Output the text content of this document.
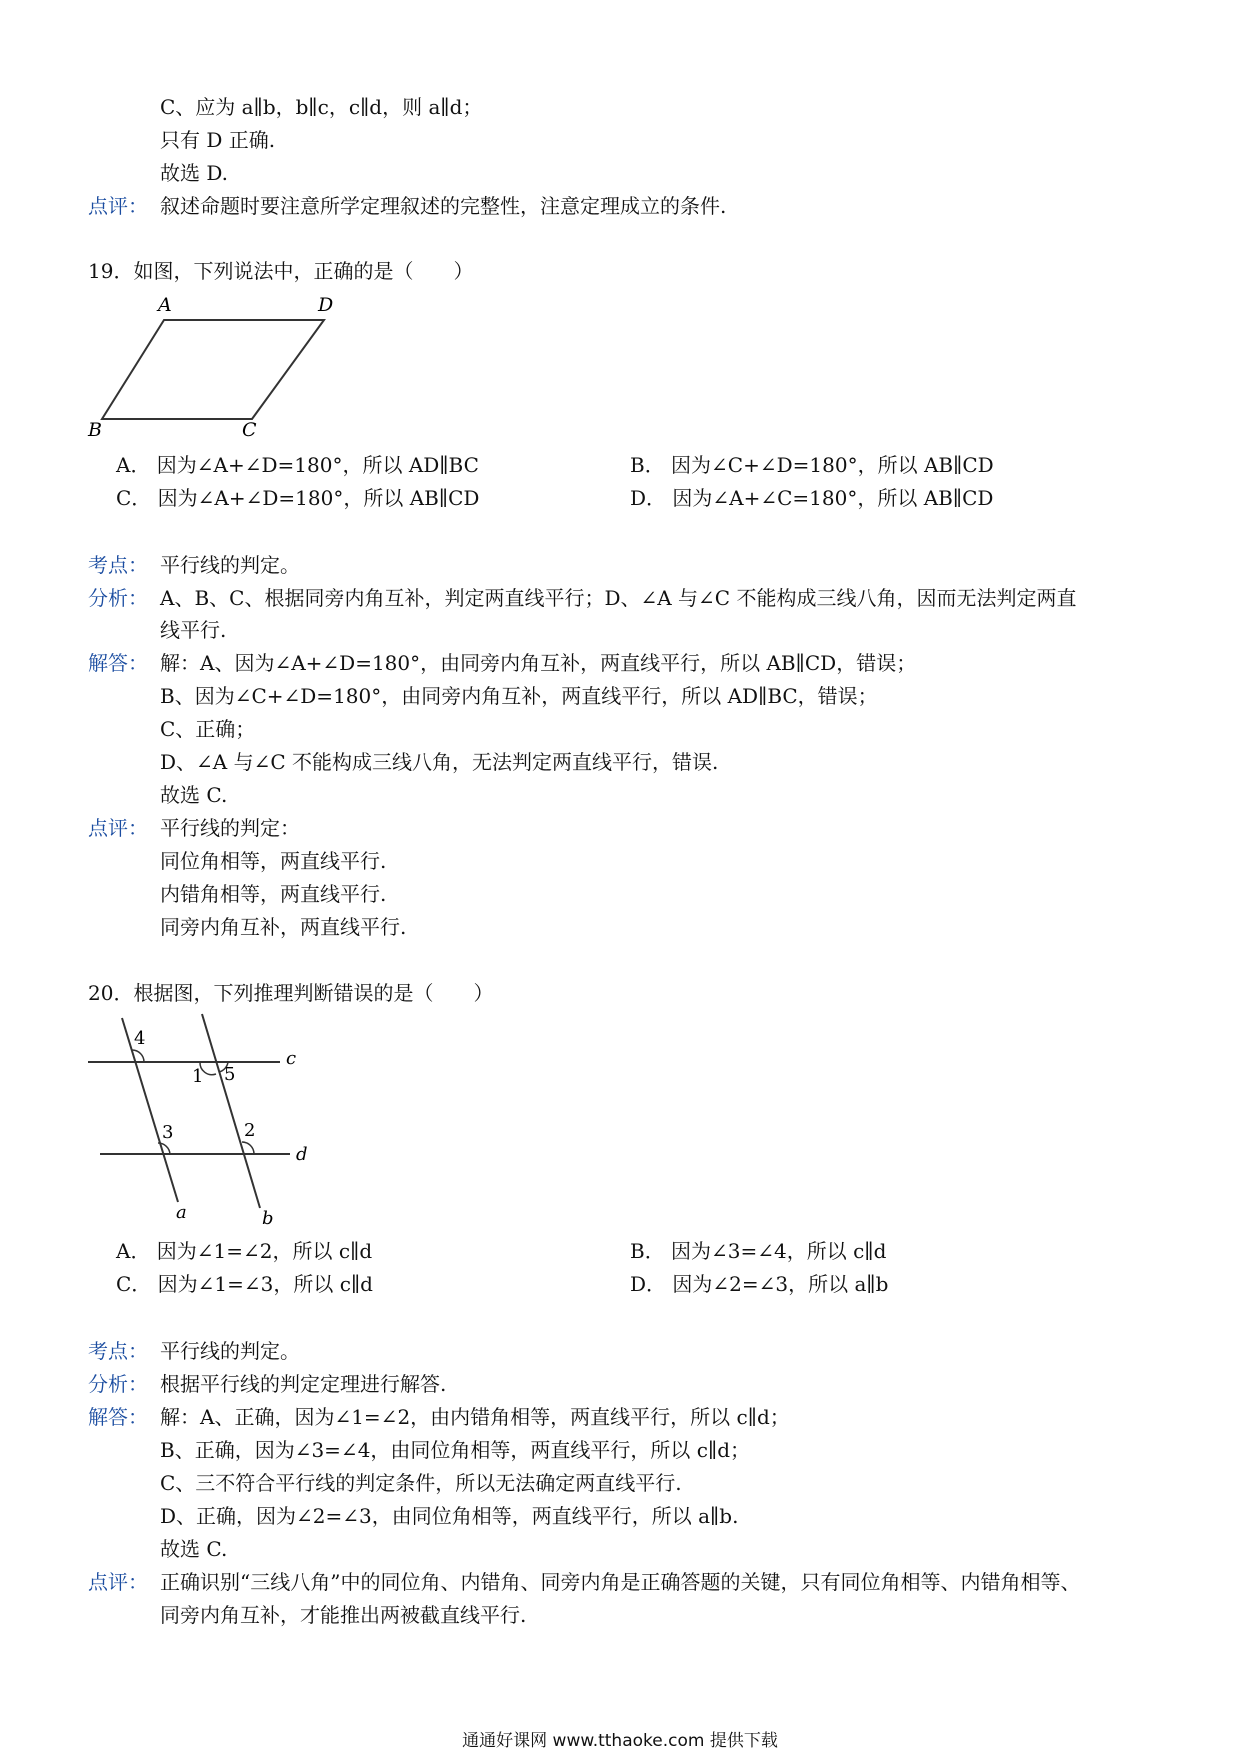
C、应为 a∥b，b∥c，c∥d，则 a∥d；
只有 D 正确.
故选 D.
点评： 叙述命题时要注意所学定理叙述的完整性，注意定理成立的条件.
19．如图，下列说法中，正确的是（　　）
A	D
B	C
A． 因为∠A+∠D=180°，所以 AD∥BC	B． 因为∠C+∠D=180°，所以 AB∥CD
C． 因为∠A+∠D=180°，所以 AB∥CD	D． 因为∠A+∠C=180°，所以 AB∥CD
考点： 平行线的判定。
分析： A、B、C、根据同旁内角互补，判定两直线平行；D、∠A 与∠C 不能构成三线八角，因而无法判定两直
线平行.
解答： 解：A、因为∠A+∠D=180°，由同旁内角互补，两直线平行，所以 AB∥CD，错误；
B、因为∠C+∠D=180°，由同旁内角互补，两直线平行，所以 AD∥BC，错误；
C、正确；
D、∠A 与∠C 不能构成三线八角，无法判定两直线平行，错误.
故选 C.
点评： 平行线的判定：
同位角相等，两直线平行.
内错角相等，两直线平行.
同旁内角互补，两直线平行.
20．根据图，下列推理判断错误的是（　　）
4
1 5
3	2
c
d
a	b
A． 因为∠1=∠2，所以 c∥d	B． 因为∠3=∠4，所以 c∥d
C． 因为∠1=∠3，所以 c∥d	D． 因为∠2=∠3，所以 a∥b
考点： 平行线的判定。
分析： 根据平行线的判定定理进行解答.
解答： 解：A、正确，因为∠1=∠2，由内错角相等，两直线平行，所以 c∥d；
B、正确，因为∠3=∠4，由同位角相等，两直线平行，所以 c∥d；
C、三不符合平行线的判定条件，所以无法确定两直线平行.
D、正确，因为∠2=∠3，由同位角相等，两直线平行，所以 a∥b.
故选 C.
点评： 正确识别“三线八角”中的同位角、内错角、同旁内角是正确答题的关键，只有同位角相等、内错角相等、
同旁内角互补，才能推出两被截直线平行.
通通好课网 www.tthaoke.com 提供下载
